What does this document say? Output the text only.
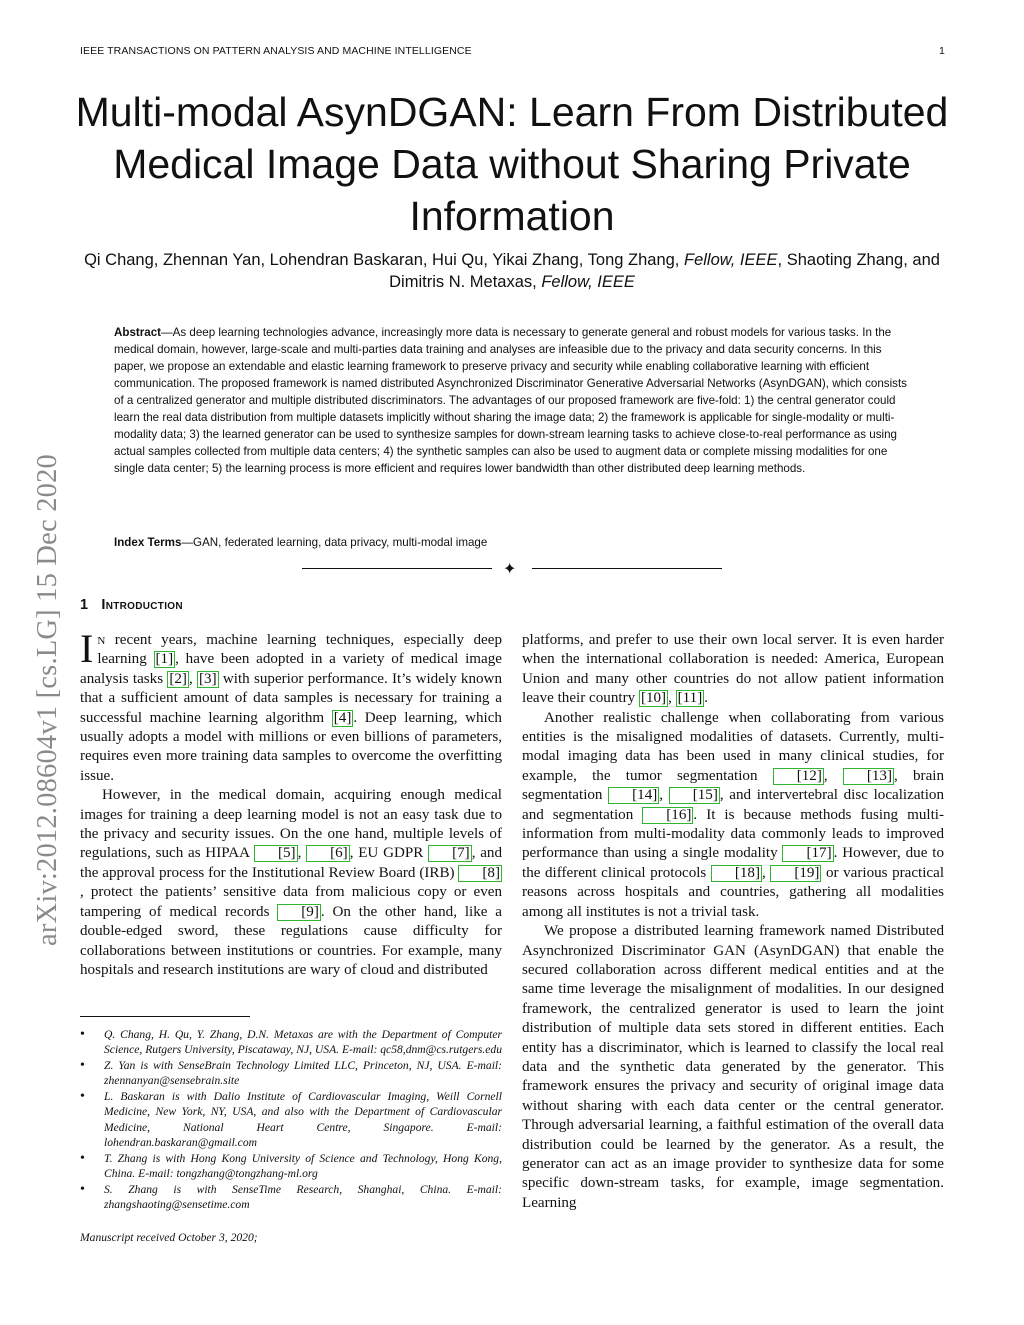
IEEE TRANSACTIONS ON PATTERN ANALYSIS AND MACHINE INTELLIGENCE	1
arXiv:2012.08604v1 [cs.LG] 15 Dec 2020
Multi-modal AsynDGAN: Learn From Distributed Medical Image Data without Sharing Private Information
Qi Chang, Zhennan Yan, Lohendran Baskaran, Hui Qu, Yikai Zhang, Tong Zhang, Fellow, IEEE, Shaoting Zhang, and Dimitris N. Metaxas, Fellow, IEEE
Abstract—As deep learning technologies advance, increasingly more data is necessary to generate general and robust models for various tasks. In the medical domain, however, large-scale and multi-parties data training and analyses are infeasible due to the privacy and data security concerns. In this paper, we propose an extendable and elastic learning framework to preserve privacy and security while enabling collaborative learning with efficient communication. The proposed framework is named distributed Asynchronized Discriminator Generative Adversarial Networks (AsynDGAN), which consists of a centralized generator and multiple distributed discriminators. The advantages of our proposed framework are five-fold: 1) the central generator could learn the real data distribution from multiple datasets implicitly without sharing the image data; 2) the framework is applicable for single-modality or multi-modality data; 3) the learned generator can be used to synthesize samples for down-stream learning tasks to achieve close-to-real performance as using actual samples collected from multiple data centers; 4) the synthetic samples can also be used to augment data or complete missing modalities for one single data center; 5) the learning process is more efficient and requires lower bandwidth than other distributed deep learning methods.
Index Terms—GAN, federated learning, data privacy, multi-modal image
✦
1 Introduction

In recent years, machine learning techniques, especially deep learning [1] , have been adopted in a variety of medical image analysis tasks [2] , [3] with superior performance. It’s widely known that a sufficient amount of data samples is necessary for training a successful machine learning algorithm [4] . Deep learning, which usually adopts a model with millions or even billions of parameters, requires even more training data samples to overcome the overfitting issue.

However, in the medical domain, acquiring enough medical images for training a deep learning model is not an easy task due to the privacy and security issues. On the one hand, multiple levels of regulations, such as HIPAA [5] , [6] , EU GDPR [7] , and the approval process for the Institutional Review Board (IRB) [8], protect the patients’ sensitive data from malicious copy or even tampering of medical records [9] . On the other hand, like a double-edged sword, these regulations cause difficulty for collaborations between institutions or countries. For example, many hospitals and research institutions are wary of cloud and distributed

platforms, and prefer to use their own local server. It is even harder when the international collaboration is needed: America, European Union and many other countries do not allow patient information leave their country [10] , [11] .

Another realistic challenge when collaborating from various entities is the misaligned modalities of datasets. Currently, multi-modal imaging data has been used in many clinical studies, for example, the tumor segmentation [12] , [13] , brain segmentation [14] , [15] , and intervertebral disc localization and segmentation [16] . It is because methods fusing multi-information from multi-modality data commonly leads to improved performance than using a single modality [17] . However, due to the different clinical protocols [18] , [19] or various practical reasons across hospitals and countries, gathering all modalities among all institutes is not a trivial task.

We propose a distributed learning framework named Distributed Asynchronized Discriminator GAN (AsynDGAN) that enable the secured collaboration across different medical entities and at the same time leverage the misalignment of modalities. In our designed framework, the centralized generator is used to learn the joint distribution of multiple data sets stored in different entities. Each entity has a discriminator, which is learned to classify the local real data and the synthetic data generated by the generator. This framework ensures the privacy and security of original image data without sharing with each data center or the central generator. Through adversarial learning, a faithful estimation of the overall data distribution could be learned by the generator. As a result, the generator can act as an image provider to synthesize data for some specific down-stream tasks, for example, image segmentation. Learning

• Q. Chang, H. Qu, Y. Zhang, D.N. Metaxas are with the Department of Computer Science, Rutgers University, Piscataway, NJ, USA. E-mail: qc58,dnm@cs.rutgers.edu
• Z. Yan is with SenseBrain Technology Limited LLC, Princeton, NJ, USA. E-mail: zhennanyan@sensebrain.site
• L. Baskaran is with Dalio Institute of Cardiovascular Imaging, Weill Cornell Medicine, New York, NY, USA, and also with the Department of Cardiovascular Medicine, National Heart Centre, Singapore. E-mail: lohendran.baskaran@gmail.com
• T. Zhang is with Hong Kong University of Science and Technology, Hong Kong, China. E-mail: tongzhang@tongzhang-ml.org
• S. Zhang is with SenseTime Research, Shanghai, China. E-mail: zhangshaoting@sensetime.com
Manuscript received October 3, 2020;
